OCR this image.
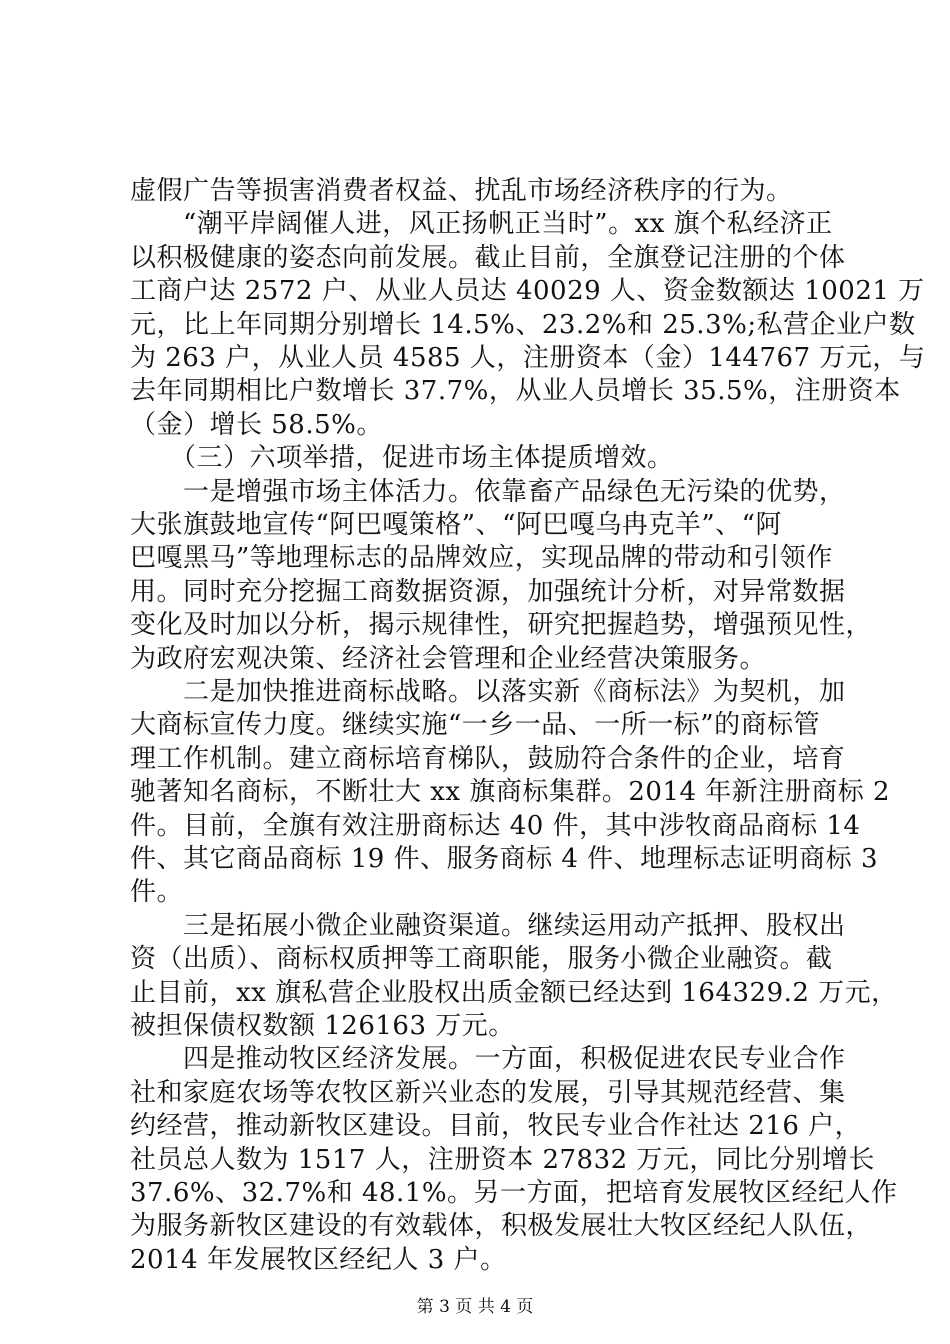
虚假广告等损害消费者权益、扰乱市场经济秩序的行为。
　　“潮平岸阔催人进，风正扬帆正当时”。xx 旗个私经济正
以积极健康的姿态向前发展。截止目前，全旗登记注册的个体
工商户达 2572 户、从业人员达 40029 人、资金数额达 10021 万
元，比上年同期分别增长 14.5%、23.2%和 25.3%;私营企业户数
为 263 户，从业人员 4585 人，注册资本（金）144767 万元，与
去年同期相比户数增长 37.7%，从业人员增长 35.5%，注册资本
（金）增长 58.5%。
　　（三）六项举措，促进市场主体提质增效。
　　一是增强市场主体活力。依靠畜产品绿色无污染的优势，
大张旗鼓地宣传“阿巴嘎策格”、“阿巴嘎乌冉克羊”、“阿
巴嘎黑马”等地理标志的品牌效应，实现品牌的带动和引领作
用。同时充分挖掘工商数据资源，加强统计分析，对异常数据
变化及时加以分析，揭示规律性，研究把握趋势，增强预见性，
为政府宏观决策、经济社会管理和企业经营决策服务。
　　二是加快推进商标战略。以落实新《商标法》为契机，加
大商标宣传力度。继续实施“一乡一品、一所一标”的商标管
理工作机制。建立商标培育梯队，鼓励符合条件的企业，培育
驰著知名商标，不断壮大 xx 旗商标集群。2014 年新注册商标 2
件。目前，全旗有效注册商标达 40 件，其中涉牧商品商标 14
件、其它商品商标 19 件、服务商标 4 件、地理标志证明商标 3
件。
　　三是拓展小微企业融资渠道。继续运用动产抵押、股权出
资（出质）、商标权质押等工商职能，服务小微企业融资。截
止目前，xx 旗私营企业股权出质金额已经达到 164329.2 万元，
被担保债权数额 126163 万元。
　　四是推动牧区经济发展。一方面，积极促进农民专业合作
社和家庭农场等农牧区新兴业态的发展，引导其规范经营、集
约经营，推动新牧区建设。目前，牧民专业合作社达 216 户，
社员总人数为 1517 人，注册资本 27832 万元，同比分别增长
37.6%、32.7%和 48.1%。另一方面，把培育发展牧区经纪人作
为服务新牧区建设的有效载体，积极发展壮大牧区经纪人队伍，
2014 年发展牧区经纪人 3 户。
第 3 页 共 4 页
